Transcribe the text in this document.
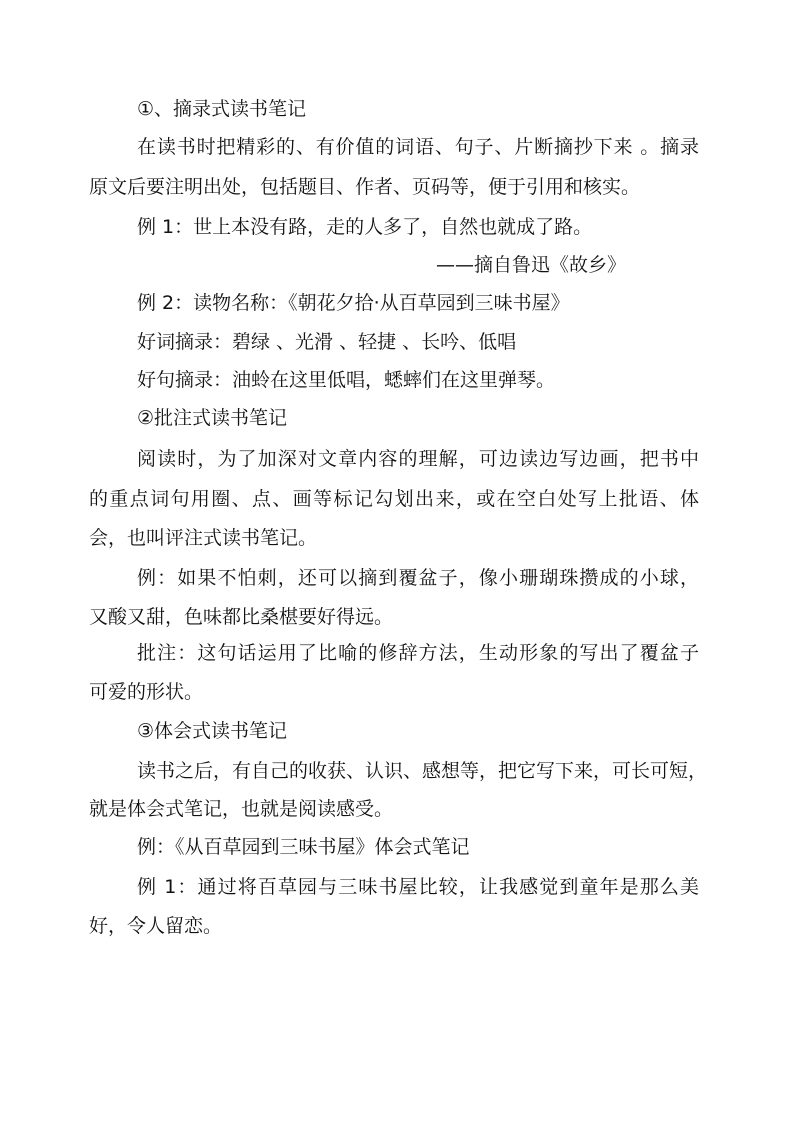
①、摘录式读书笔记
在读书时把精彩的、有价值的词语、句子、片断摘抄下来 。摘录
原文后要注明出处，包括题目、作者、页码等，便于引用和核实。
例 1：世上本没有路，走的人多了，自然也就成了路。
——摘自鲁迅《故乡》
例 2：读物名称：《朝花夕拾·从百草园到三味书屋》
好词摘录：碧绿 、光滑 、轻捷 、长吟、低唱
好句摘录：油蛉在这里低唱，蟋蟀们在这里弹琴。
②批注式读书笔记
阅读时，为了加深对文章内容的理解，可边读边写边画，把书中
的重点词句用圈、点、画等标记勾划出来，或在空白处写上批语、体
会，也叫评注式读书笔记。
例：如果不怕刺，还可以摘到覆盆子，像小珊瑚珠攒成的小球，
又酸又甜，色味都比桑椹要好得远。
批注：这句话运用了比喻的修辞方法，生动形象的写出了覆盆子
可爱的形状。
③体会式读书笔记
读书之后，有自己的收获、认识、感想等，把它写下来，可长可短，
就是体会式笔记，也就是阅读感受。
例：《从百草园到三味书屋》体会式笔记
例 1：通过将百草园与三味书屋比较，让我感觉到童年是那么美
好，令人留恋。
